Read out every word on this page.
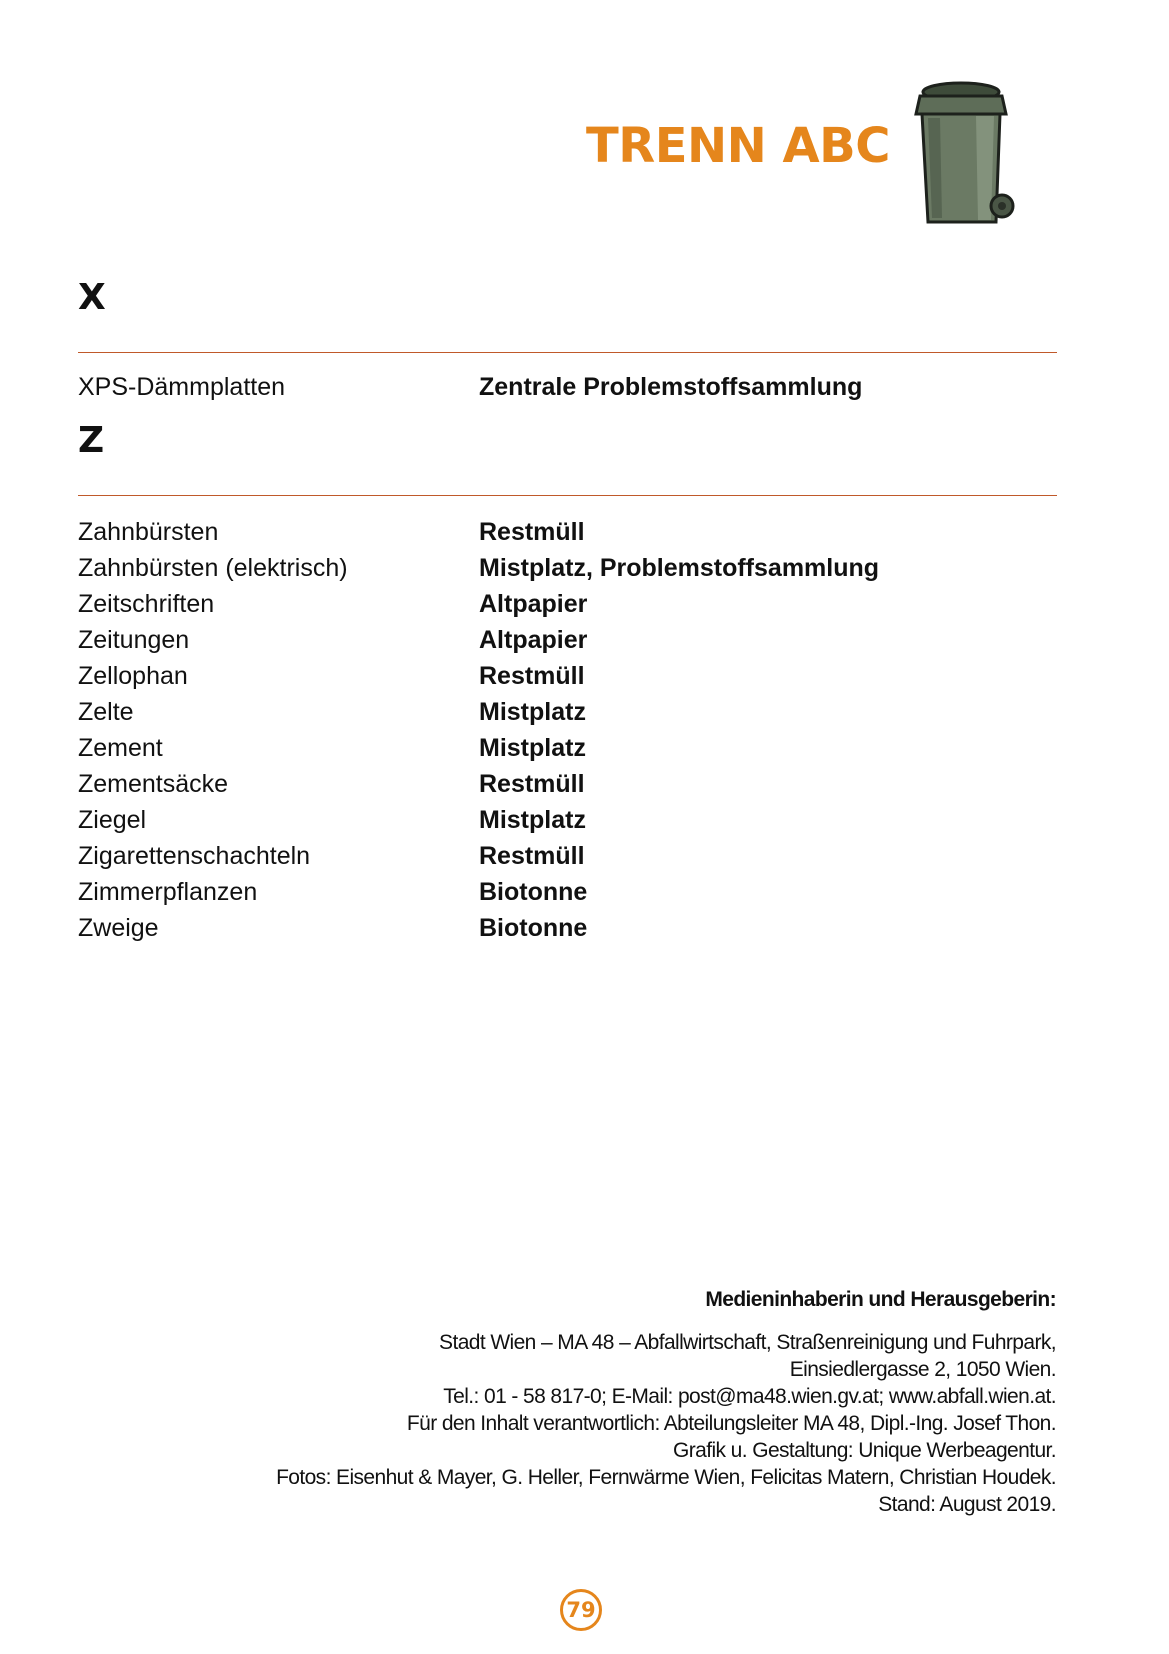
TRENN ABC
X
XPS-Dämmplatten	Zentrale Problemstoffsammlung
Z
Zahnbürsten	Restmüll
Zahnbürsten (elektrisch)	Mistplatz, Problemstoffsammlung
Zeitschriften	Altpapier
Zeitungen	Altpapier
Zellophan	Restmüll
Zelte	Mistplatz
Zement	Mistplatz
Zementsäcke	Restmüll
Ziegel	Mistplatz
Zigarettenschachteln	Restmüll
Zimmerpflanzen	Biotonne
Zweige	Biotonne
Medieninhaberin und Herausgeberin:
Stadt Wien – MA 48 – Abfallwirtschaft, Straßenreinigung und Fuhrpark,
Einsiedlergasse 2, 1050 Wien.
Tel.: 01 - 58 817-0; E-Mail: post@ma48.wien.gv.at; www.abfall.wien.at.
Für den Inhalt verantwortlich: Abteilungsleiter MA 48, Dipl.-Ing. Josef Thon.
Grafik u. Gestaltung: Unique Werbeagentur.
Fotos: Eisenhut & Mayer, G. Heller, Fernwärme Wien, Felicitas Matern, Christian Houdek.
Stand: August 2019.
79
